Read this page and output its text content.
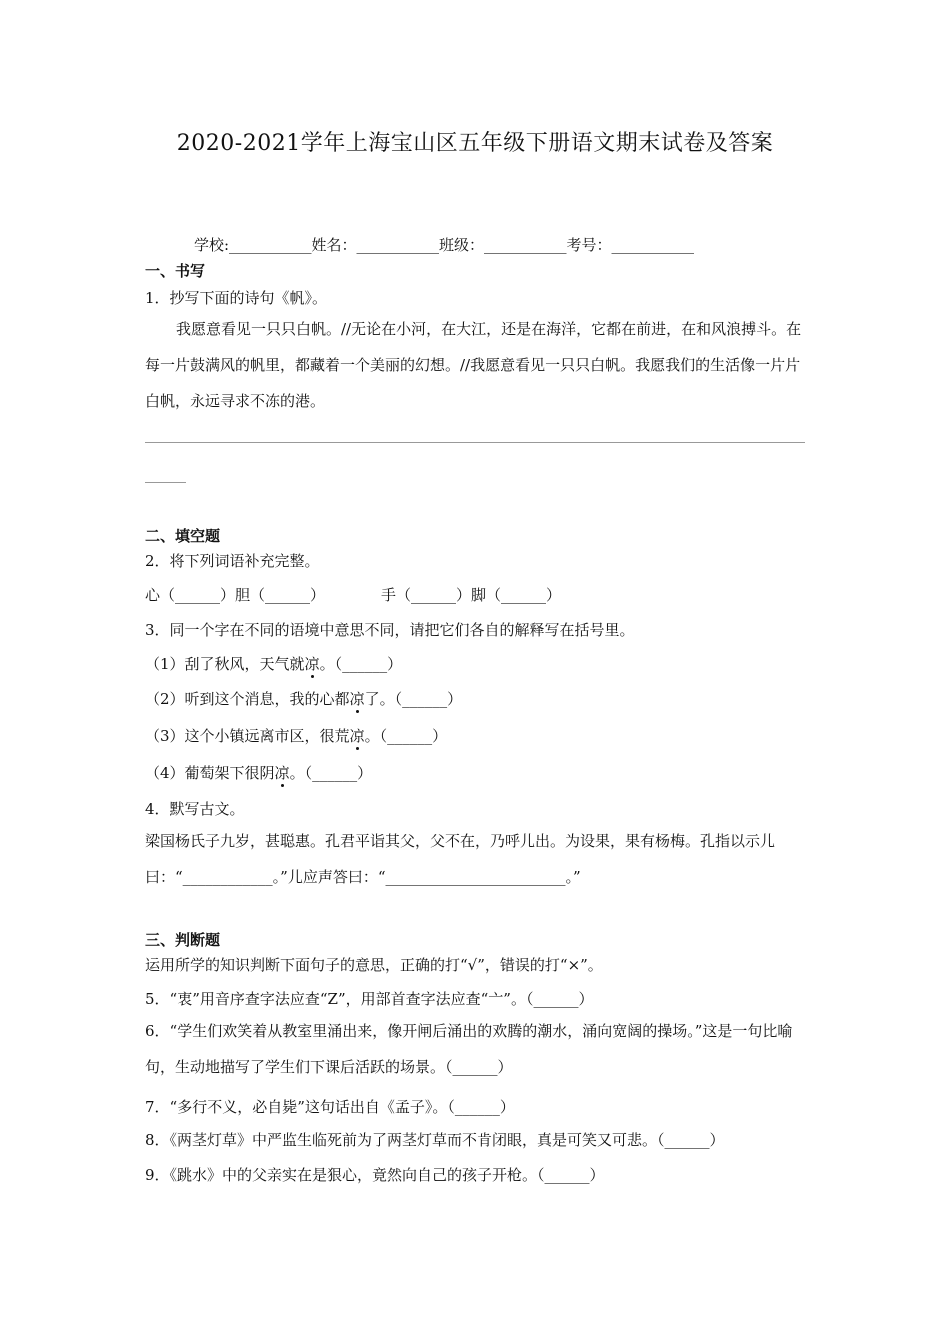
2020-2021学年上海宝山区五年级下册语文期末试卷及答案
学校:___________姓名：___________班级：___________考号：___________
一、书写
1．抄写下面的诗句《帆》。
我愿意看见一只只白帆。//无论在小河，在大江，还是在海洋，它都在前进，在和风浪搏斗。在每一片鼓满风的帆里，都藏着一个美丽的幻想。//我愿意看见一只只白帆。我愿我们的生活像一片片白帆，永远寻求不冻的港。
二、填空题
2．将下列词语补充完整。
心（______）胆（______）	手（______）脚（______）
3．同一个字在不同的语境中意思不同，请把它们各自的解释写在括号里。
（1）刮了秋风，天气就凉。（______）
（2）听到这个消息，我的心都凉了。（______）
（3）这个小镇远离市区，很荒凉。（______）
（4）葡萄架下很阴凉。（______）
4．默写古文。
梁国杨氏子九岁，甚聪惠。孔君平诣其父，父不在，乃呼儿出。为设果，果有杨梅。孔指以示儿曰：“____________。”儿应声答曰：“________________________。”
三、判断题
运用所学的知识判断下面句子的意思，正确的打“√”，错误的打“×”。
5．“衷”用音序查字法应查“Z”，用部首查字法应查“亠”。（______）
6．“学生们欢笑着从教室里涌出来，像开闸后涌出的欢腾的潮水，涌向宽阔的操场。”这是一句比喻句，生动地描写了学生们下课后活跃的场景。（______）
7．“多行不义，必自毙”这句话出自《孟子》。（______）
8．《两茎灯草》中严监生临死前为了两茎灯草而不肯闭眼，真是可笑又可悲。（______）
9．《跳水》中的父亲实在是狠心，竟然向自己的孩子开枪。（______）
